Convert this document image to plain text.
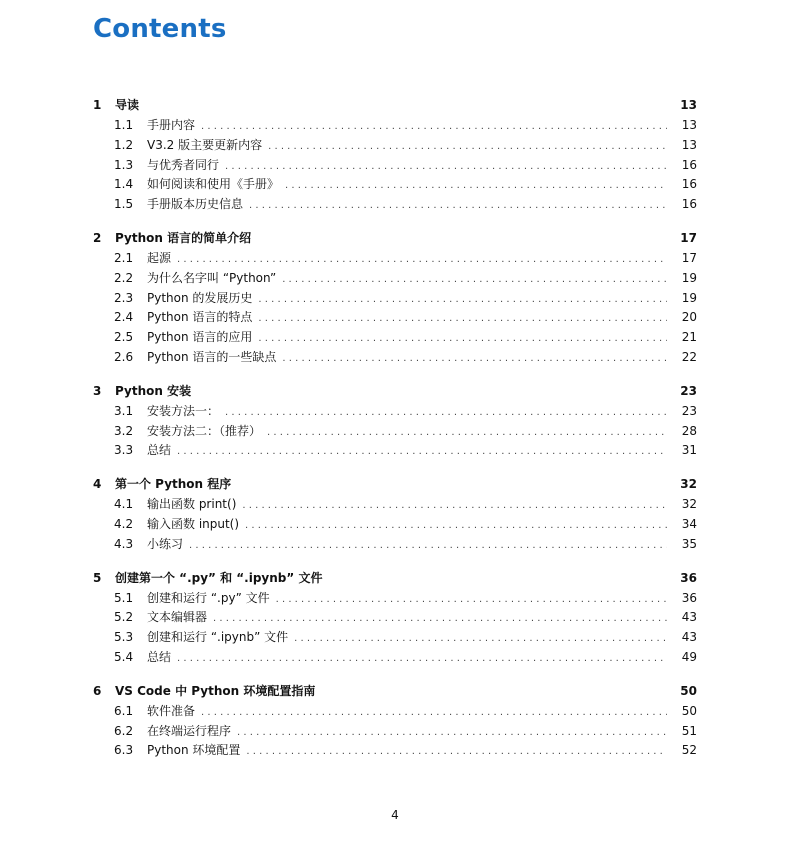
Contents
1	导读	13
1.1	手册内容 . . .	13
1.2	V3.2 版主要更新内容 . . .	13
1.3	与优秀者同行 . . .	16
1.4	如何阅读和使用《手册》 . . .	16
1.5	手册版本历史信息 . . .	16
2	Python 语言的简单介绍	17
2.1	起源 . . .	17
2.2	为什么名字叫 “Python” . . .	19
2.3	Python 的发展历史 . . .	19
2.4	Python 语言的特点 . . .	20
2.5	Python 语言的应用 . . .	21
2.6	Python 语言的一些缺点 . . .	22
3	Python 安装	23
3.1	安装方法一： . . .	23
3.2	安装方法二：（推荐） . . .	28
3.3	总结 . . .	31
4	第一个 Python 程序	32
4.1	输出函数 print() . . .	32
4.2	输入函数 input() . . .	34
4.3	小练习 . . .	35
5	创建第一个 “.py” 和 “.ipynb” 文件	36
5.1	创建和运行 “.py” 文件 . . .	36
5.2	文本编辑器 . . .	43
5.3	创建和运行 “.ipynb” 文件 . . .	43
5.4	总结 . . .	49
6	VS Code 中 Python 环境配置指南	50
6.1	软件准备 . . .	50
6.2	在终端运行程序 . . .	51
6.3	Python 环境配置 . . .	52
4
